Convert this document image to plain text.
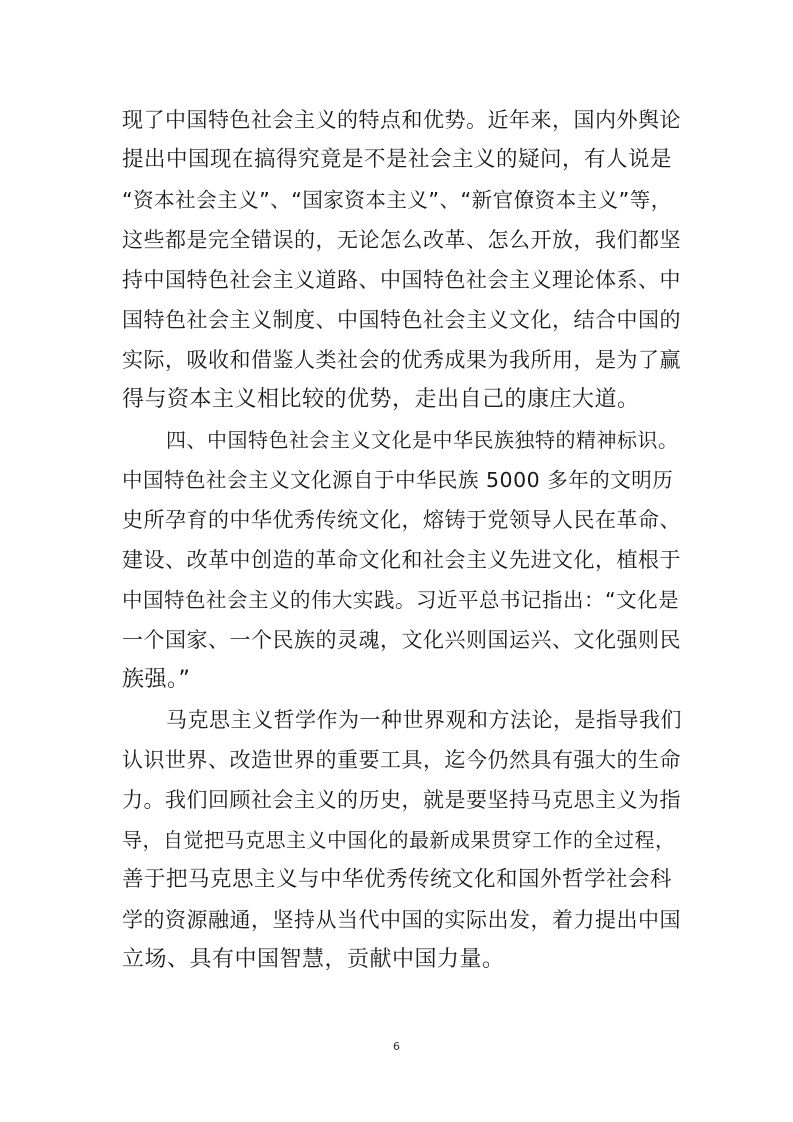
现了中国特色社会主义的特点和优势。近年来，国内外舆论
提出中国现在搞得究竟是不是社会主义的疑问，有人说是
“资本社会主义”、“国家资本主义”、“新官僚资本主义”等，
这些都是完全错误的，无论怎么改革、怎么开放，我们都坚
持中国特色社会主义道路、中国特色社会主义理论体系、中
国特色社会主义制度、中国特色社会主义文化，结合中国的
实际，吸收和借鉴人类社会的优秀成果为我所用，是为了赢
得与资本主义相比较的优势，走出自己的康庄大道。
四、中国特色社会主义文化是中华民族独特的精神标识。
中国特色社会主义文化源自于中华民族 5000 多年的文明历
史所孕育的中华优秀传统文化，熔铸于党领导人民在革命、
建设、改革中创造的革命文化和社会主义先进文化，植根于
中国特色社会主义的伟大实践。习近平总书记指出：“文化是
一个国家、一个民族的灵魂，文化兴则国运兴、文化强则民
族强。”
马克思主义哲学作为一种世界观和方法论，是指导我们
认识世界、改造世界的重要工具，迄今仍然具有强大的生命
力。我们回顾社会主义的历史，就是要坚持马克思主义为指
导，自觉把马克思主义中国化的最新成果贯穿工作的全过程，
善于把马克思主义与中华优秀传统文化和国外哲学社会科
学的资源融通，坚持从当代中国的实际出发，着力提出中国
立场、具有中国智慧，贡献中国力量。
6
